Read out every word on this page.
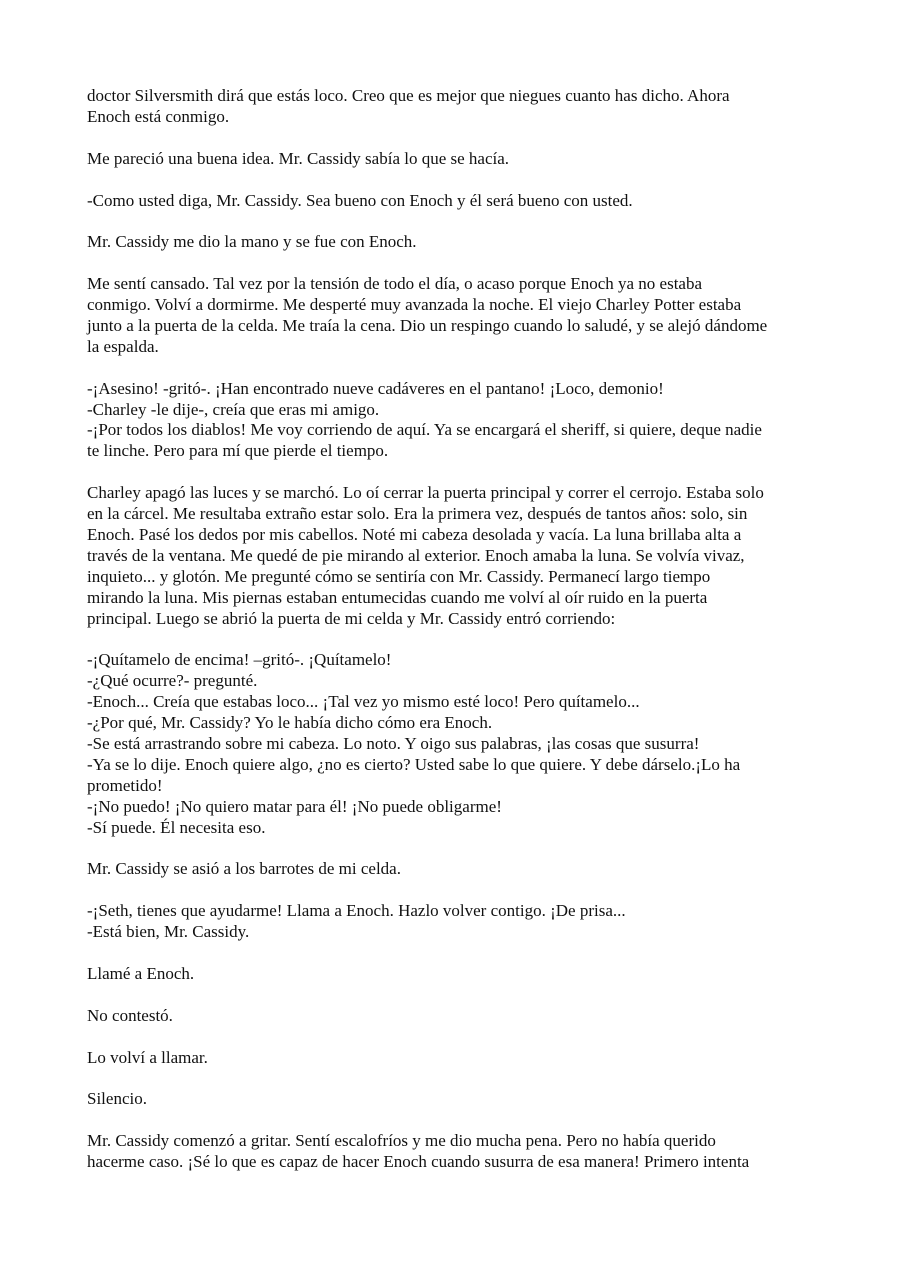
doctor Silversmith dirá que estás loco. Creo que es mejor que niegues cuanto has dicho. Ahora
Enoch está conmigo.

Me pareció una buena idea. Mr. Cassidy sabía lo que se hacía.

-Como usted diga, Mr. Cassidy. Sea bueno con Enoch y él será bueno con usted.

Mr. Cassidy me dio la mano y se fue con Enoch.

Me sentí cansado. Tal vez por la tensión de todo el día, o acaso porque Enoch ya no estaba
conmigo. Volví a dormirme. Me desperté muy avanzada la noche. El viejo Charley Potter estaba
junto a la puerta de la celda. Me traía la cena. Dio un respingo cuando lo saludé, y se alejó dándome
la espalda.

-¡Asesino! -gritó-. ¡Han encontrado nueve cadáveres en el pantano! ¡Loco, demonio!
-Charley -le dije-, creía que eras mi amigo.
-¡Por todos los diablos! Me voy corriendo de aquí. Ya se encargará el sheriff, si quiere, deque nadie
te linche. Pero para mí que pierde el tiempo.

Charley apagó las luces y se marchó. Lo oí cerrar la puerta principal y correr el cerrojo. Estaba solo
en la cárcel. Me resultaba extraño estar solo. Era la primera vez, después de tantos años: solo, sin
Enoch. Pasé los dedos por mis cabellos. Noté mi cabeza desolada y vacía. La luna brillaba alta a
través de la ventana. Me quedé de pie mirando al exterior. Enoch amaba la luna. Se volvía vivaz,
inquieto... y glotón. Me pregunté cómo se sentiría con Mr. Cassidy. Permanecí largo tiempo
mirando la luna. Mis piernas estaban entumecidas cuando me volví al oír ruido en la puerta
principal. Luego se abrió la puerta de mi celda y Mr. Cassidy entró corriendo:

-¡Quítamelo de encima! –gritó-. ¡Quítamelo!
-¿Qué ocurre?- pregunté.
-Enoch... Creía que estabas loco... ¡Tal vez yo mismo esté loco! Pero quítamelo...
-¿Por qué, Mr. Cassidy? Yo le había dicho cómo era Enoch.
-Se está arrastrando sobre mi cabeza. Lo noto. Y oigo sus palabras, ¡las cosas que susurra!
-Ya se lo dije. Enoch quiere algo, ¿no es cierto? Usted sabe lo que quiere. Y debe dárselo.¡Lo ha
prometido!
-¡No puedo! ¡No quiero matar para él! ¡No puede obligarme!
-Sí puede. Él necesita eso.

Mr. Cassidy se asió a los barrotes de mi celda.

-¡Seth, tienes que ayudarme! Llama a Enoch. Hazlo volver contigo. ¡De prisa...
-Está bien, Mr. Cassidy.

Llamé a Enoch.

No contestó.

Lo volví a llamar.

Silencio.

Mr. Cassidy comenzó a gritar. Sentí escalofríos y me dio mucha pena. Pero no había querido
hacerme caso. ¡Sé lo que es capaz de hacer Enoch cuando susurra de esa manera! Primero intenta
